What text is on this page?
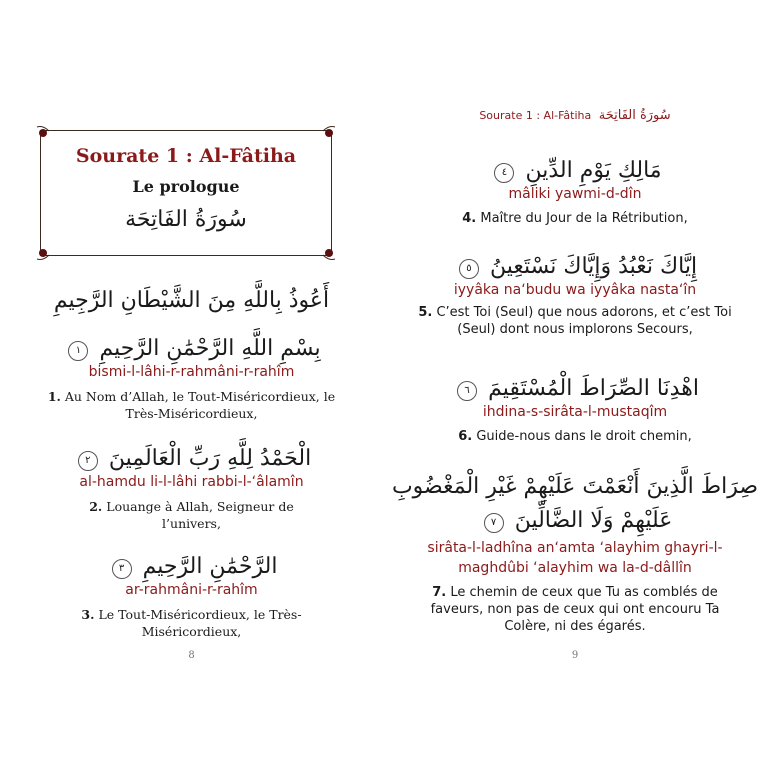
Sourate 1 : Al-Fâtiha
Le prologue
سُورَةُ الفَاتِحَة
أَعُوذُ بِاللَّهِ مِنَ الشَّيْطَانِ الرَّجِيمِ
١ بِسْمِ اللَّهِ الرَّحْمَٰنِ الرَّحِيمِ
bismi-l-lâhi-r-rahmâni-r-rahîm
1. Au Nom d’Allah, le Tout-Miséricordieux, le Très-Miséricordieux,
٢ الْحَمْدُ لِلَّهِ رَبِّ الْعَالَمِينَ
al-hamdu li-l-lâhi rabbi-l-‘âlamîn
2. Louange à Allah, Seigneur de l’univers,
٣ الرَّحْمَٰنِ الرَّحِيمِ
ar-rahmâni-r-rahîm
3. Le Tout-Miséricordieux, le Très-Miséricordieux,
8
Sourate 1 : Al-Fâtiha سُورَةُ الفَاتِحَة
٤ مَالِكِ يَوْمِ الدِّينِ
mâliki yawmi-d-dîn
4. Maître du Jour de la Rétribution,
٥ إِيَّاكَ نَعْبُدُ وَإِيَّاكَ نَسْتَعِينُ
iyyâka na‘budu wa iyyâka nasta‘în
5. C’est Toi (Seul) que nous adorons, et c’est Toi (Seul) dont nous implorons Secours,
٦ اهْدِنَا الصِّرَاطَ الْمُسْتَقِيمَ
ihdina-s-sirâta-l-mustaqîm
6. Guide-nous dans le droit chemin,
صِرَاطَ الَّذِينَ أَنْعَمْتَ عَلَيْهِمْ غَيْرِ الْمَغْضُوبِ
٧ عَلَيْهِمْ وَلَا الضَّالِّينَ
sirâta-l-ladhîna an‘amta ‘alayhim ghayri-l-
maghdûbi ‘alayhim wa la-d-dâllîn
7. Le chemin de ceux que Tu as comblés de faveurs, non pas de ceux qui ont encouru Ta Colère, ni des égarés.
9
